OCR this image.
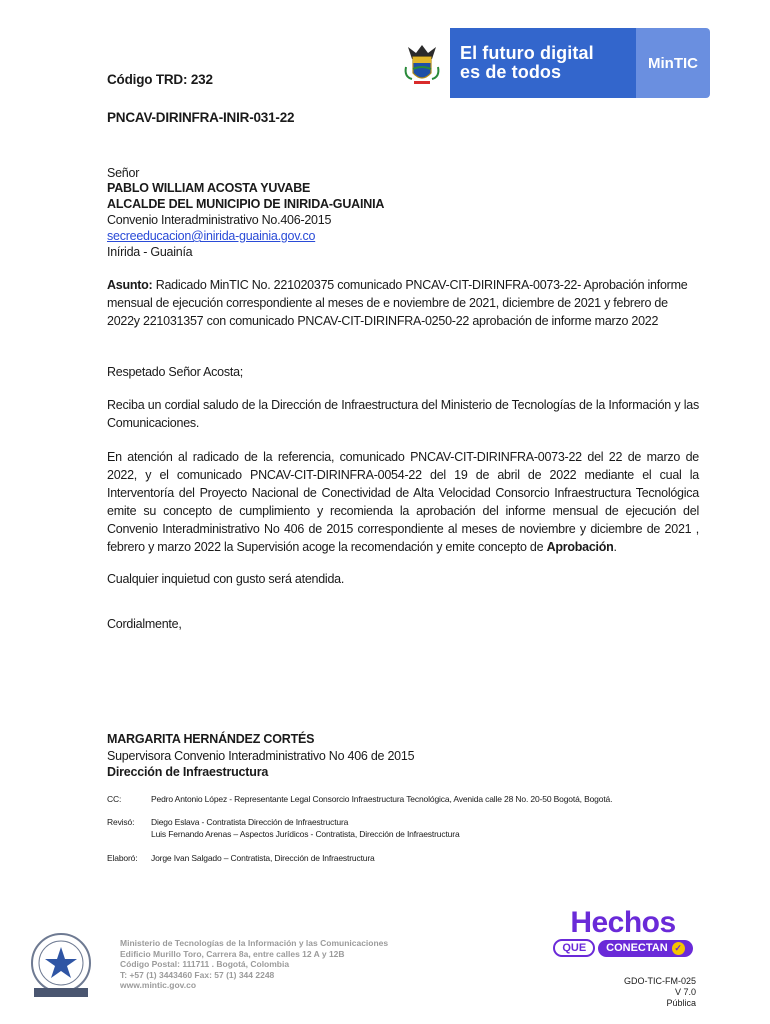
Código TRD: 232
PNCAV-DIRINFRA-INIR-031-22
El futuro digital
es de todos	MinTIC
Señor
PABLO WILLIAM ACOSTA YUVABE
ALCALDE DEL MUNICIPIO DE INIRIDA-GUAINIA
Convenio Interadministrativo No.406-2015
secreeducacion@inirida-guainia.gov.co
Inírida - Guainía
Asunto: Radicado MinTIC No. 221020375 comunicado PNCAV-CIT-DIRINFRA-0073-22- Aprobación informe
mensual de ejecución correspondiente al meses de e noviembre de 2021, diciembre de 2021 y febrero de
2022y 221031357 con comunicado PNCAV-CIT-DIRINFRA-0250-22 aprobación de informe marzo 2022
Respetado Señor Acosta;
Reciba un cordial saludo de la Dirección de Infraestructura del Ministerio de Tecnologías de la Información y las Comunicaciones.
En atención al radicado de la referencia, comunicado PNCAV-CIT-DIRINFRA-0073-22 del 22 de marzo de 2022, y el comunicado PNCAV-CIT-DIRINFRA-0054-22 del 19 de abril de 2022 mediante el cual la Interventoría del Proyecto Nacional de Conectividad de Alta Velocidad Consorcio Infraestructura Tecnológica emite su concepto de cumplimiento y recomienda la aprobación del informe mensual de ejecución del Convenio Interadministrativo No 406 de 2015 correspondiente al meses de noviembre y diciembre de 2021 , febrero y marzo 2022 la Supervisión acoge la recomendación y emite concepto de Aprobación.
Cualquier inquietud con gusto será atendida.
Cordialmente,
MARGARITA HERNÁNDEZ CORTÉS
Supervisora Convenio Interadministrativo No 406 de 2015
Dirección de Infraestructura
CC:	Pedro Antonio López - Representante Legal Consorcio Infraestructura Tecnológica, Avenida calle 28 No. 20-50 Bogotá, Bogotá.
Revisó: Diego Eslava - Contratista Dirección de Infraestructura
Luis Fernando Arenas – Aspectos Jurídicos - Contratista, Dirección de Infraestructura
Elaboró: Jorge Ivan Salgado – Contratista, Dirección de Infraestructura
Ministerio de Tecnologías de la Información y las Comunicaciones
Edificio Murillo Toro, Carrera 8a, entre calles 12 A y 12B
Código Postal: 111711 . Bogotá, Colombia
T: +57 (1) 3443460 Fax: 57 (1) 344 2248
www.mintic.gov.co
Hechos
QUE	CONECTAN ✓
GDO-TIC-FM-025
V 7.0
Pública
